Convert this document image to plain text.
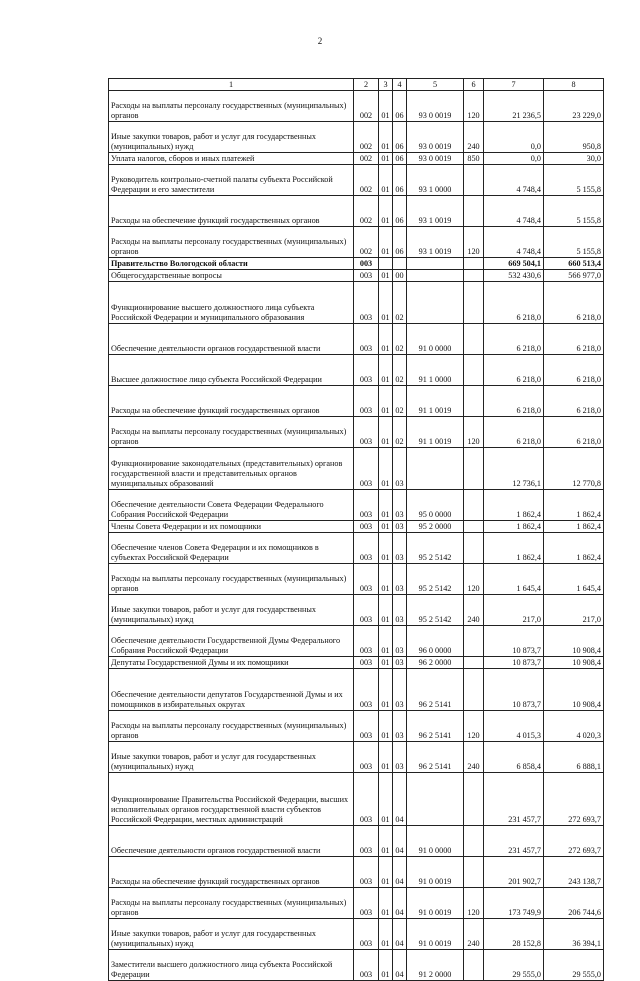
2
1	2	3	4	5	6	7	8
Расходы на выплаты персоналу государственных (муниципальных) органов	002	01	06	93 0 0019	120	21 236,5	23 229,0
Иные закупки товаров, работ и услуг для государственных (муниципальных) нужд	002	01	06	93 0 0019	240	0,0	950,8
Уплата налогов, сборов и иных платежей	002	01	06	93 0 0019	850	0,0	30,0
Руководитель контрольно-счетной палаты субъекта Российской Федерации и его заместители	002	01	06	93 1 0000		4 748,4	5 155,8
Расходы на обеспечение функций государственных органов	002	01	06	93 1 0019		4 748,4	5 155,8
Расходы на выплаты персоналу государственных (муниципальных) органов	002	01	06	93 1 0019	120	4 748,4	5 155,8
Правительство Вологодской области	003					669 504,1	660 513,4
Общегосударственные вопросы	003	01	00			532 430,6	566 977,0
Функционирование высшего должностного лица субъекта Российской Федерации и муниципального образования	003	01	02			6 218,0	6 218,0
Обеспечение деятельности органов государственной власти	003	01	02	91 0 0000		6 218,0	6 218,0
Высшее должностное лицо субъекта Российской Федерации	003	01	02	91 1 0000		6 218,0	6 218,0
Расходы на обеспечение функций государственных органов	003	01	02	91 1 0019		6 218,0	6 218,0
Расходы на выплаты персоналу государственных (муниципальных) органов	003	01	02	91 1 0019	120	6 218,0	6 218,0
Функционирование законодательных (представительных) органов государственной власти и представительных органов муниципальных образований	003	01	03			12 736,1	12 770,8
Обеспечение деятельности Совета Федерации Федерального Собрания Российской Федерации	003	01	03	95 0 0000		1 862,4	1 862,4
Члены Совета Федерации и их помощники	003	01	03	95 2 0000		1 862,4	1 862,4
Обеспечение членов Совета Федерации и их помощников в субъектах Российской Федерации	003	01	03	95 2 5142		1 862,4	1 862,4
Расходы на выплаты персоналу государственных (муниципальных) органов	003	01	03	95 2 5142	120	1 645,4	1 645,4
Иные закупки товаров, работ и услуг для государственных (муниципальных) нужд	003	01	03	95 2 5142	240	217,0	217,0
Обеспечение деятельности Государственной Думы Федерального Собрания Российской Федерации	003	01	03	96 0 0000		10 873,7	10 908,4
Депутаты Государственной Думы и их помощники	003	01	03	96 2 0000		10 873,7	10 908,4
Обеспечение деятельности депутатов Государственной Думы и их помощников в избирательных округах	003	01	03	96 2 5141		10 873,7	10 908,4
Расходы на выплаты персоналу государственных (муниципальных) органов	003	01	03	96 2 5141	120	4 015,3	4 020,3
Иные закупки товаров, работ и услуг для государственных (муниципальных) нужд	003	01	03	96 2 5141	240	6 858,4	6 888,1
Функционирование Правительства Российской Федерации, высших исполнительных органов государственной власти субъектов Российской Федерации, местных администраций	003	01	04			231 457,7	272 693,7
Обеспечение деятельности органов государственной власти	003	01	04	91 0 0000		231 457,7	272 693,7
Расходы на обеспечение функций государственных органов	003	01	04	91 0 0019		201 902,7	243 138,7
Расходы на выплаты персоналу государственных (муниципальных) органов	003	01	04	91 0 0019	120	173 749,9	206 744,6
Иные закупки товаров, работ и услуг для государственных (муниципальных) нужд	003	01	04	91 0 0019	240	28 152,8	36 394,1
Заместители высшего должностного лица субъекта Российской Федерации	003	01	04	91 2 0000		29 555,0	29 555,0
